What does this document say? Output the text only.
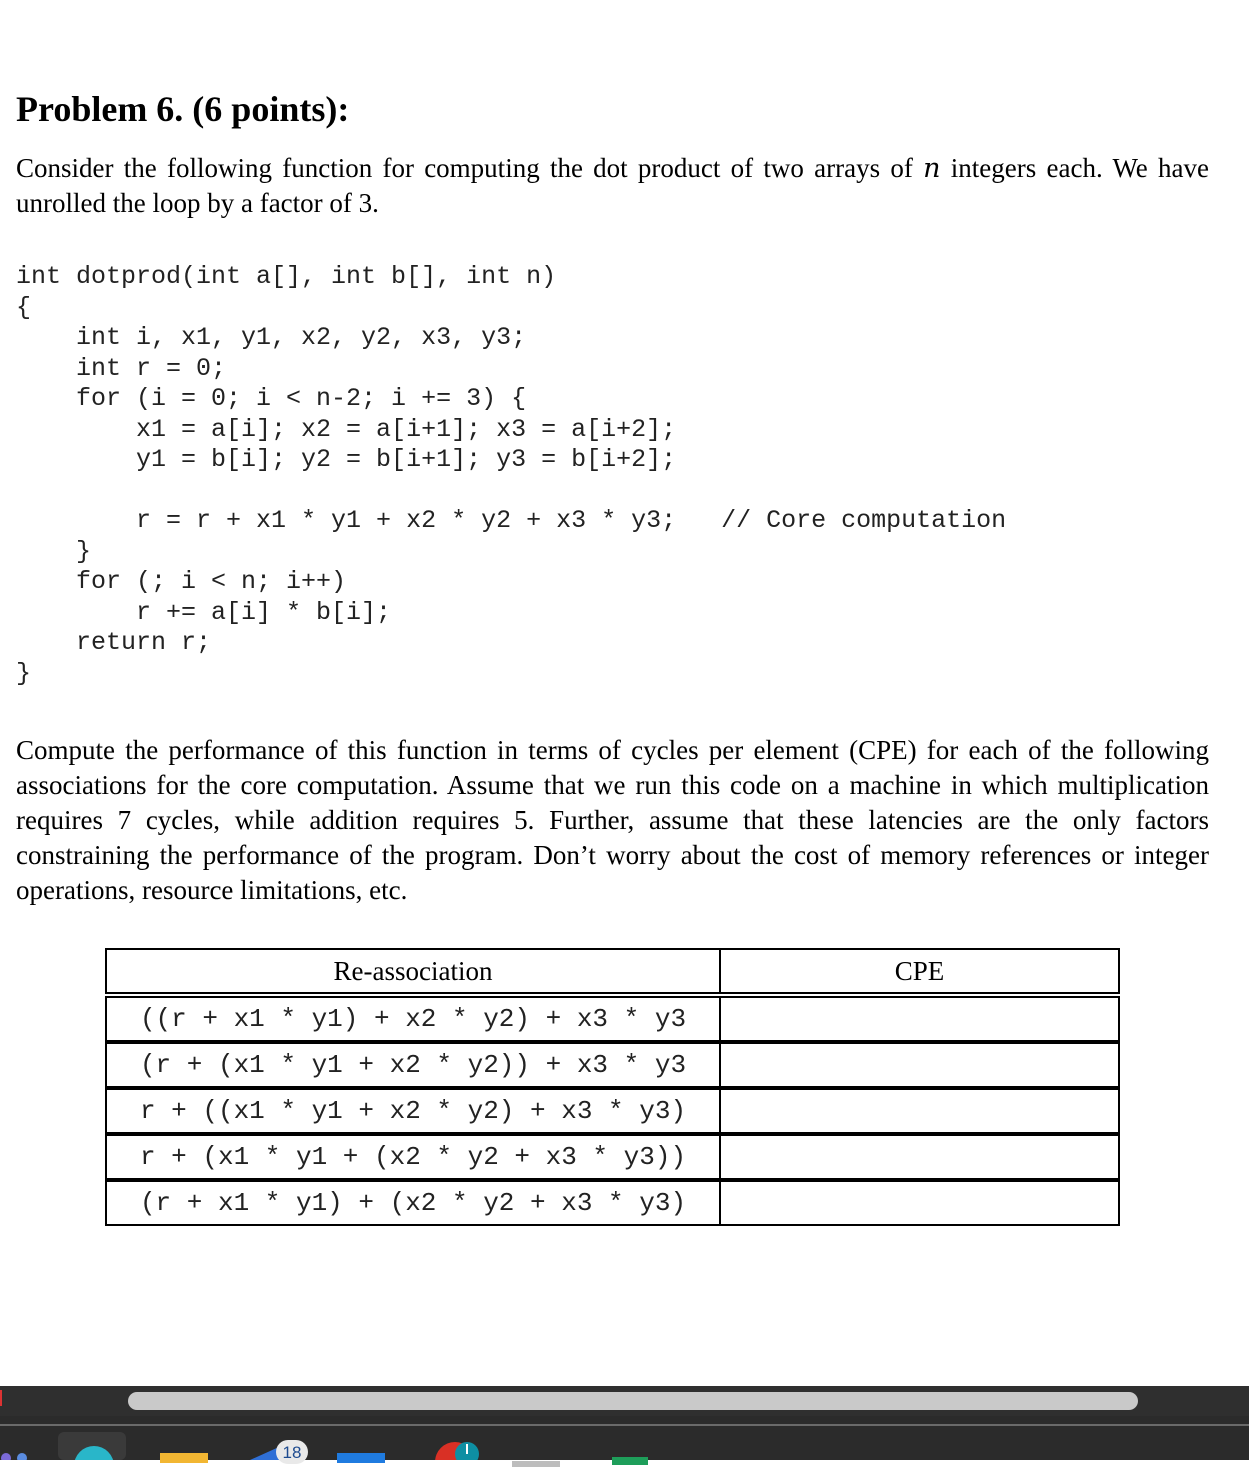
Problem 6. (6 points):

Consider the following function for computing the dot product of two arrays of n integers each. We have unrolled the loop by a factor of 3.

int dotprod(int a[], int b[], int n)
{
int i, x1, y1, x2, y2, x3, y3;
int r = 0;
for (i = 0; i < n-2; i += 3) {
x1 = a[i]; x2 = a[i+1]; x3 = a[i+2];
y1 = b[i]; y2 = b[i+1]; y3 = b[i+2];
r = r + x1 * y1 + x2 * y2 + x3 * y3;   // Core computation
}
for (; i < n; i++)
r += a[i] * b[i];
return r;
}

Compute the performance of this function in terms of cycles per element (CPE) for each of the following associations for the core computation. Assume that we run this code on a machine in which multiplication requires 7 cycles, while addition requires 5. Further, assume that these latencies are the only factors constraining the performance of the program. Don’t worry about the cost of memory references or integer operations, resource limitations, etc.

Re-association	CPE

((r + x1 * y1) + x2 * y2) + x3 * y3	
(r + (x1 * y1 + x2 * y2)) + x3 * y3	
r + ((x1 * y1 + x2 * y2) + x3 * y3)	
r + (x1 * y1 + (x2 * y2 + x3 * y3))	
(r + x1 * y1) + (x2 * y2 + x3 * y3)	
18
